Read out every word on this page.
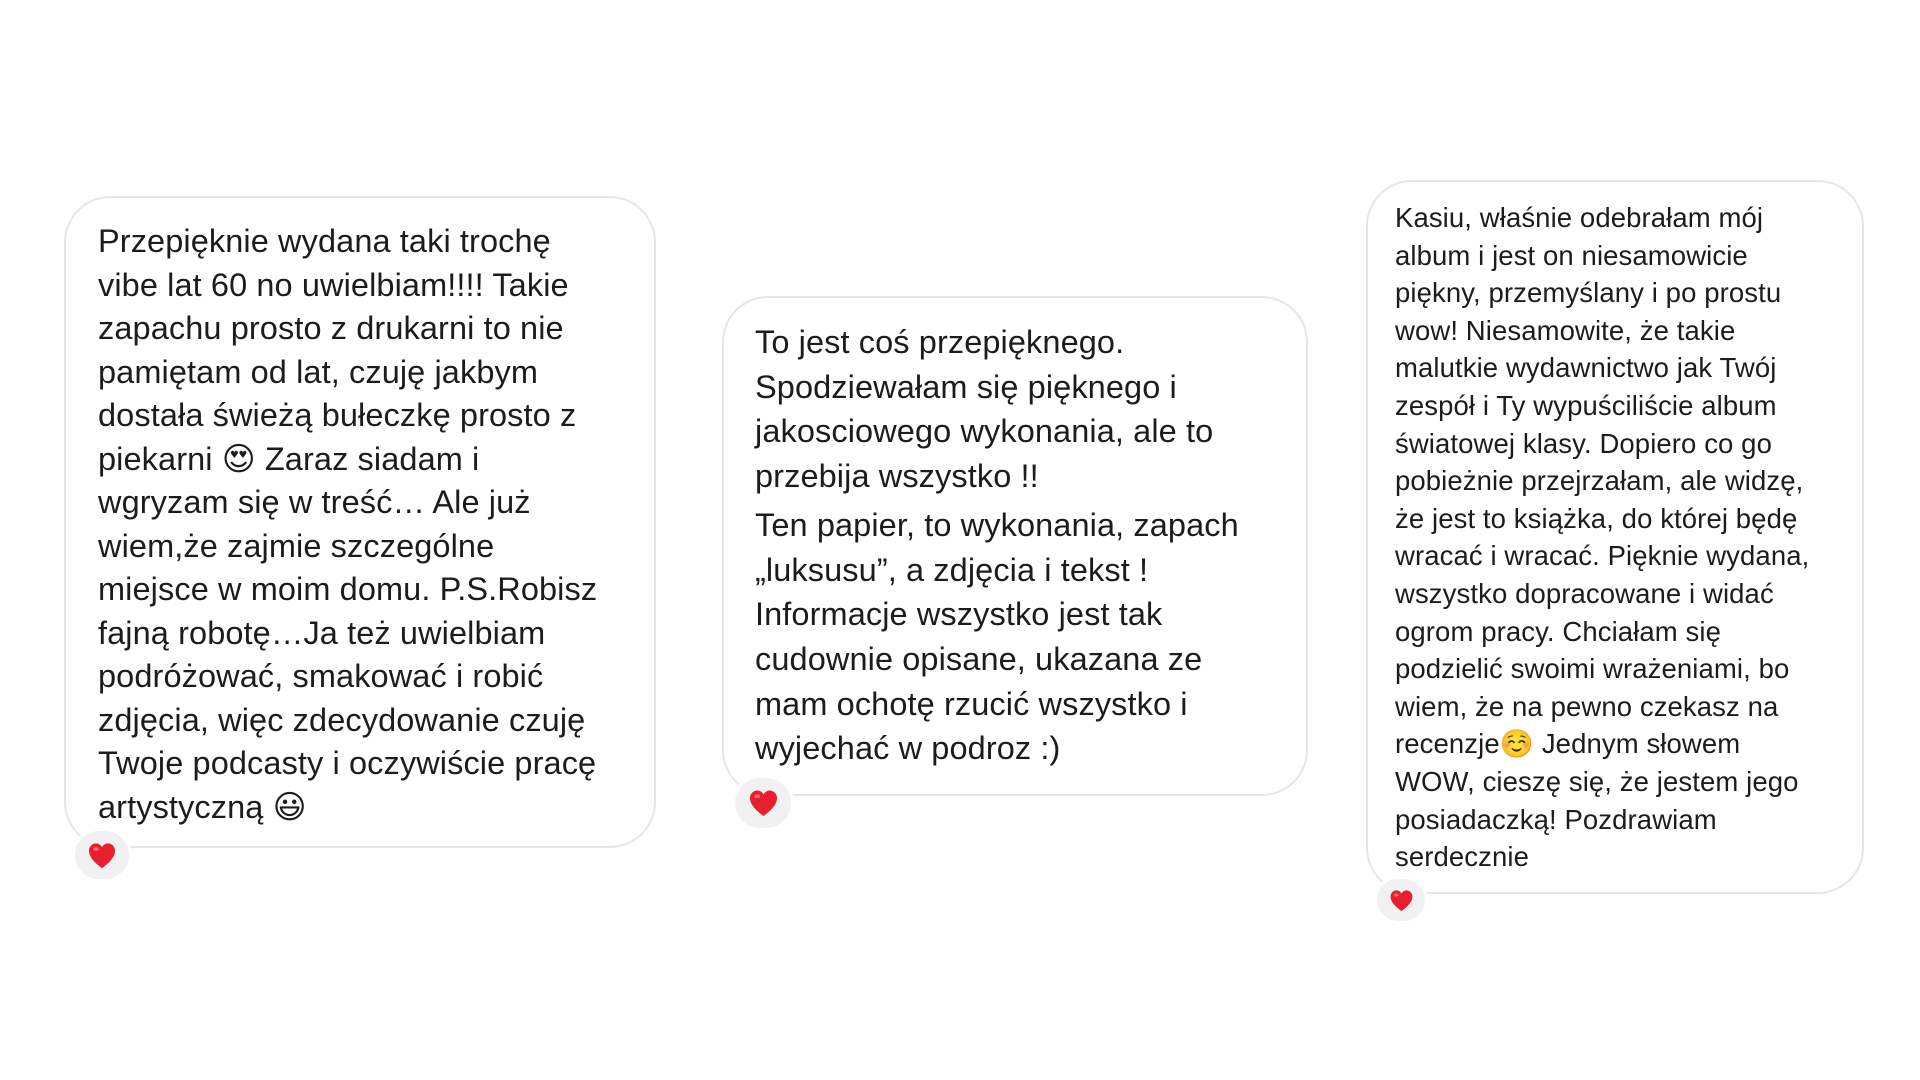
Przepięknie wydana taki trochę
vibe lat 60 no uwielbiam!!!! Takie
zapachu prosto z drukarni to nie
pamiętam od lat, czuję jakbym
dostała świeżą bułeczkę prosto z
piekarni 😍 Zaraz siadam i
wgryzam się w treść… Ale już
wiem,że zajmie szczególne
miejsce w moim domu. P.S.Robisz
fajną robotę…Ja też uwielbiam
podróżować, smakować i robić
zdjęcia, więc zdecydowanie czuję
Twoje podcasty i oczywiście pracę
artystyczną 😃

To jest coś przepięknego.
Spodziewałam się pięknego i
jakosciowego wykonania, ale to
przebija wszystko !!

Ten papier, to wykonania, zapach
„luksusu”, a zdjęcia i tekst !
Informacje wszystko jest tak
cudownie opisane, ukazana ze
mam ochotę rzucić wszystko i
wyjechać w podroz :)

Kasiu, właśnie odebrałam mój
album i jest on niesamowicie
piękny, przemyślany i po prostu
wow! Niesamowite, że takie
malutkie wydawnictwo jak Twój
zespół i Ty wypuściliście album
światowej klasy. Dopiero co go
pobieżnie przejrzałam, ale widzę,
że jest to książka, do której będę
wracać i wracać. Pięknie wydana,
wszystko dopracowane i widać
ogrom pracy. Chciałam się
podzielić swoimi wrażeniami, bo
wiem, że na pewno czekasz na
recenzje☺️ Jednym słowem
WOW, cieszę się, że jestem jego
posiadaczką! Pozdrawiam
serdecznie
